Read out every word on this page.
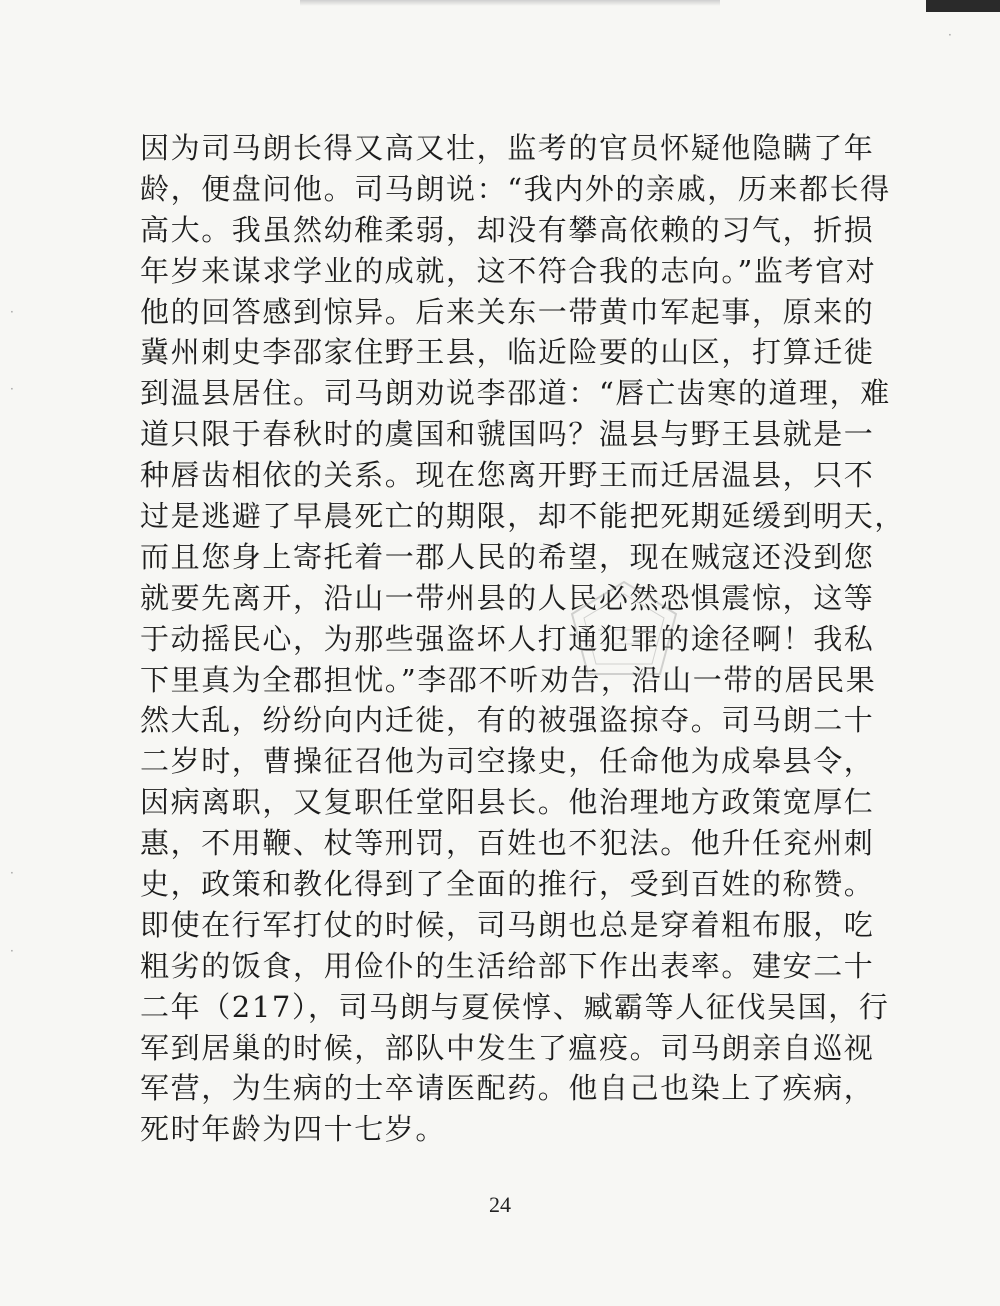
·
·
·
·
·
因为司马朗长得又高又壮，监考的官员怀疑他隐瞒了年
龄，便盘问他。司马朗说：“我内外的亲戚，历来都长得
高大。我虽然幼稚柔弱，却没有攀高依赖的习气，折损
年岁来谋求学业的成就，这不符合我的志向。”监考官对
他的回答感到惊异。后来关东一带黄巾军起事，原来的
冀州刺史李邵家住野王县，临近险要的山区，打算迁徙
到温县居住。司马朗劝说李邵道：“唇亡齿寒的道理，难
道只限于春秋时的虞国和虢国吗？温县与野王县就是一
种唇齿相依的关系。现在您离开野王而迁居温县，只不
过是逃避了早晨死亡的期限，却不能把死期延缓到明天，
而且您身上寄托着一郡人民的希望，现在贼寇还没到您
就要先离开，沿山一带州县的人民必然恐惧震惊，这等
于动摇民心，为那些强盗坏人打通犯罪的途径啊！我私
下里真为全郡担忧。”李邵不听劝告，沿山一带的居民果
然大乱，纷纷向内迁徙，有的被强盗掠夺。司马朗二十
二岁时，曹操征召他为司空掾史，任命他为成皋县令，
因病离职，又复职任堂阳县长。他治理地方政策宽厚仁
惠，不用鞭、杖等刑罚，百姓也不犯法。他升任兖州刺
史，政策和教化得到了全面的推行，受到百姓的称赞。
即使在行军打仗的时候，司马朗也总是穿着粗布服，吃
粗劣的饭食，用俭仆的生活给部下作出表率。建安二十
二年（217），司马朗与夏侯惇、臧霸等人征伐吴国，行
军到居巢的时候，部队中发生了瘟疫。司马朗亲自巡视
军营，为生病的士卒请医配药。他自己也染上了疾病，
死时年龄为四十七岁。
24
